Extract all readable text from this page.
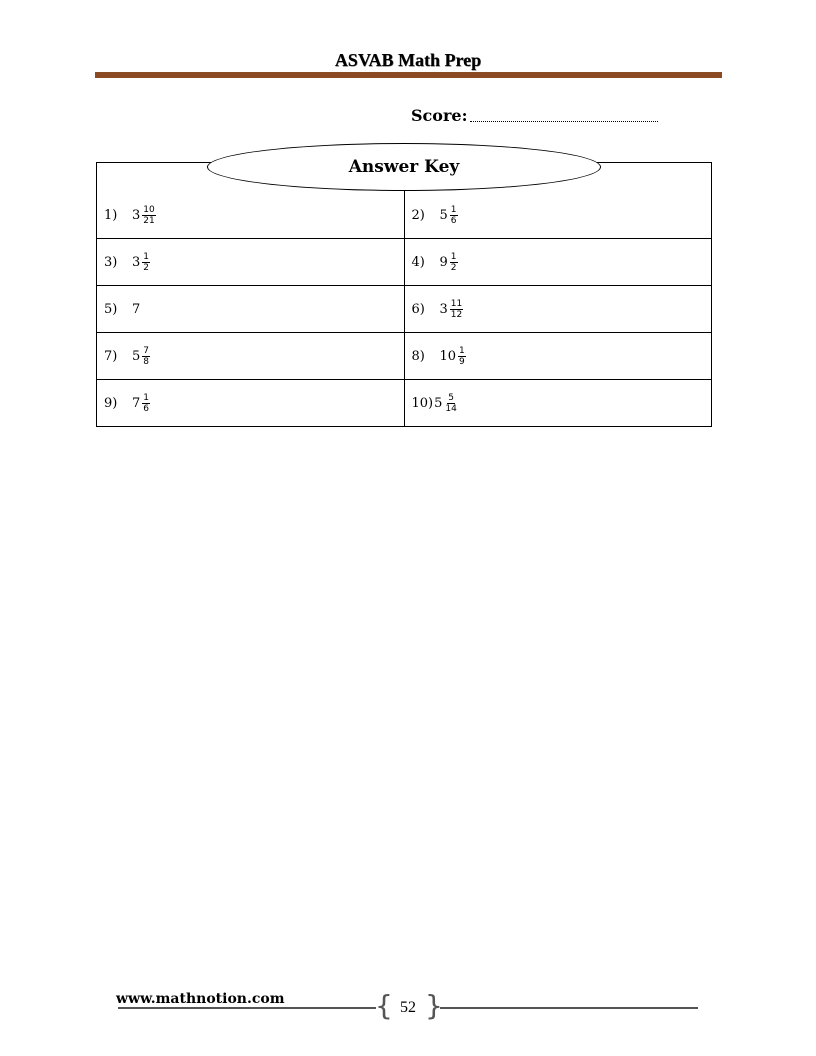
ASVAB Math Prep
Score:

1) $3 \frac{10}{21}$	2) $5 \frac{1}{6}$

3) $3 \frac{1}{2}$	4) $9 \frac{1}{2}$

5) 7	6) $3 \frac{11}{12}$

7) $5 \frac{7}{8}$	8) $10 \frac{1}{9}$

9) $7 \frac{1}{6}$	10) $5 \frac{5}{14}$
Answer Key
www.mathnotion.com	{ }
52
